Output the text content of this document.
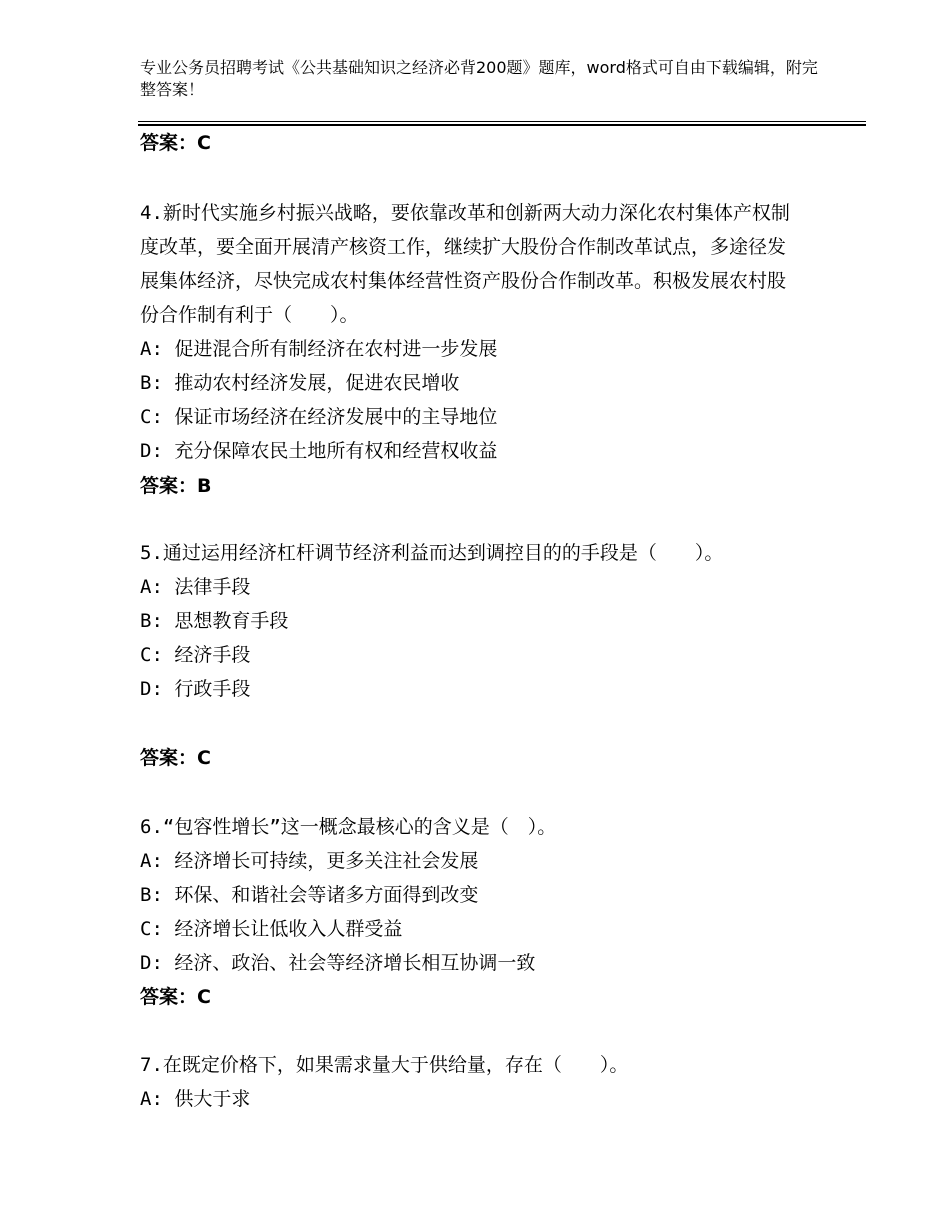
专业公务员招聘考试《公共基础知识之经济必背200题》题库，word格式可自由下载编辑，附完整答案！
答案：C

4.新时代实施乡村振兴战略，要依靠改革和创新两大动力深化农村集体产权制度改革，要全面开展清产核资工作，继续扩大股份合作制改革试点，多途径发展集体经济，尽快完成农村集体经营性资产股份合作制改革。积极发展农村股份合作制有利于（　　）。

A: 促进混合所有制经济在农村进一步发展

B: 推动农村经济发展，促进农民增收

C: 保证市场经济在经济发展中的主导地位

D: 充分保障农民土地所有权和经营权收益

答案：B

5.通过运用经济杠杆调节经济利益而达到调控目的的手段是（　　）。

A: 法律手段

B: 思想教育手段

C: 经济手段

D: 行政手段

答案：C

6.“包容性增长”这一概念最核心的含义是（　）。

A: 经济增长可持续，更多关注社会发展

B: 环保、和谐社会等诸多方面得到改变

C: 经济增长让低收入人群受益

D: 经济、政治、社会等经济增长相互协调一致

答案：C

7.在既定价格下，如果需求量大于供给量，存在（　　）。

A: 供大于求
